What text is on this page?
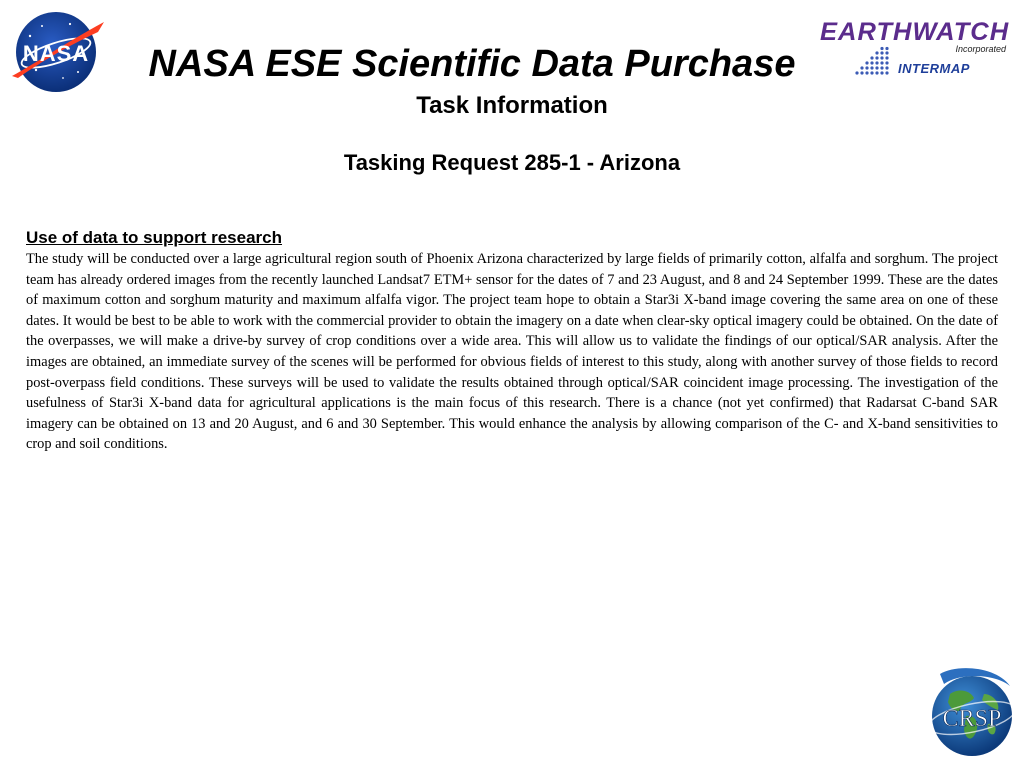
NASA	NASA ESE Scientific Data Purchase
Task Information
Tasking Request 285-1 - Arizona
EARTHWATCH
Incorporated
INTERMAP
Use of data to support research

The study will be conducted over a large agricultural region south of Phoenix Arizona characterized by large fields of primarily cotton, alfalfa and sorghum. The project team has already ordered images from the recently launched Landsat7 ETM+ sensor for the dates of 7 and 23 August, and 8 and 24 September 1999. These are the dates of maximum cotton and sorghum maturity and maximum alfalfa vigor. The project team hope to obtain a Star3i X-band image covering the same area on one of these dates. It would be best to be able to work with the commercial provider to obtain the imagery on a date when clear-sky optical imagery could be obtained. On the date of the overpasses, we will make a drive-by survey of crop conditions over a wide area. This will allow us to validate the findings of our optical/SAR analysis. After the images are obtained, an immediate survey of the scenes will be performed for obvious fields of interest to this study, along with another survey of those fields to record post-overpass field conditions. These surveys will be used to validate the results obtained through optical/SAR coincident image processing. The investigation of the usefulness of Star3i X-band data for agricultural applications is the main focus of this research. There is a chance (not yet confirmed) that Radarsat C-band SAR imagery can be obtained on 13 and 20 August, and 6 and 30 September. This would enhance the analysis by allowing comparison of the C- and X-band sensitivities to crop and soil conditions.

CRSP
